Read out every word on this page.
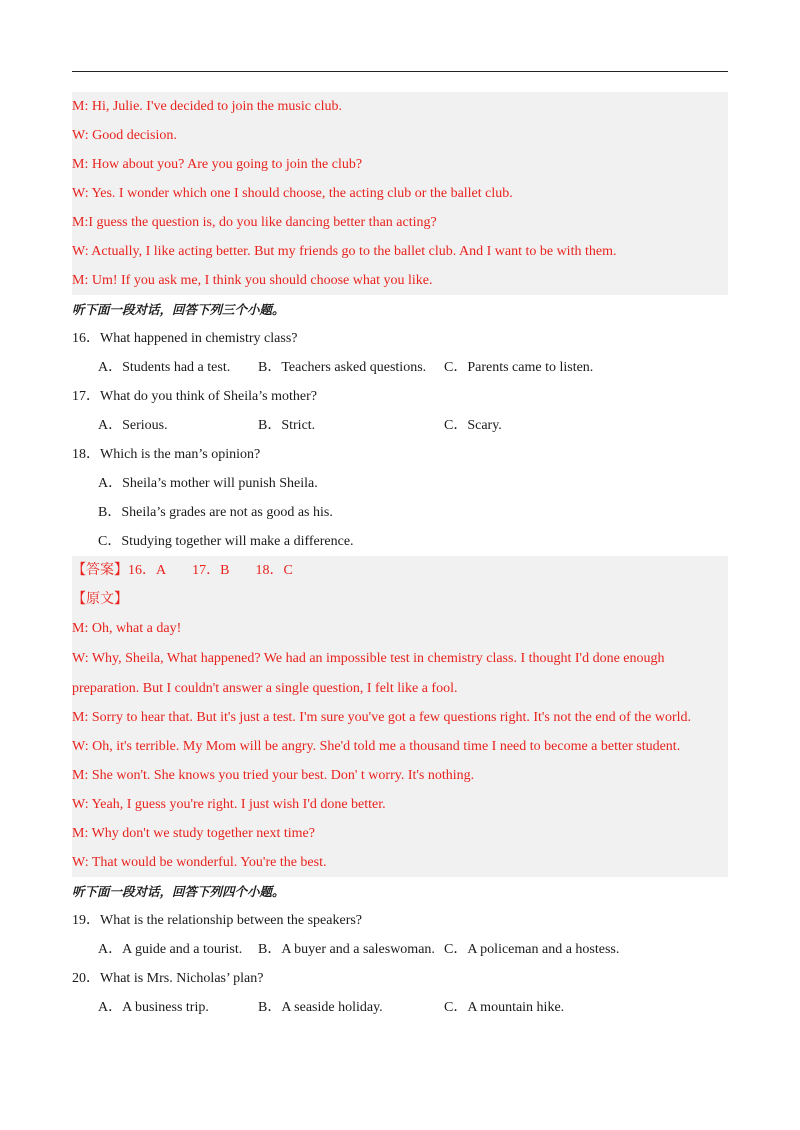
M: Hi, Julie. I've decided to join the music club.
W: Good decision.
M: How about you? Are you going to join the club?
W: Yes. I wonder which one I should choose, the acting club or the ballet club.
M:I guess the question is, do you like dancing better than acting?
W: Actually, I like acting better. But my friends go to the ballet club. And I want to be with them.
M: Um! If you ask me, I think you should choose what you like.
听下面一段对话，回答下列三个小题。
16．What happened in chemistry class?
A．Students had a test. B．Teachers asked questions. C．Parents came to listen.
17．What do you think of Sheila’s mother?
A．Serious.	B．Strict.	C．Scary.
18．Which is the man’s opinion?
A．Sheila’s mother will punish Sheila.
B．Sheila’s grades are not as good as his.
C．Studying together will make a difference.
【答案】16．A 17．B 18．C
【原文】
M: Oh, what a day!
W: Why, Sheila, What happened? We had an impossible test in chemistry class. I thought I'd done enough
preparation. But I couldn't answer a single question, I felt like a fool.
M: Sorry to hear that. But it's just a test. I'm sure you've got a few questions right. It's not the end of the world.
W: Oh, it's terrible. My Mom will be angry. She'd told me a thousand time I need to become a better student.
M: She won't. She knows you tried your best. Don' t worry. It's nothing.
W: Yeah, I guess you're right. I just wish I'd done better.
M: Why don't we study together next time?
W: That would be wonderful. You're the best.
听下面一段对话，回答下列四个小题。
19．What is the relationship between the speakers?
A．A guide and a tourist. B．A buyer and a saleswoman. C．A policeman and a hostess.
20．What is Mrs. Nicholas’ plan?
A．A business trip.	B．A seaside holiday.	C．A mountain hike.
